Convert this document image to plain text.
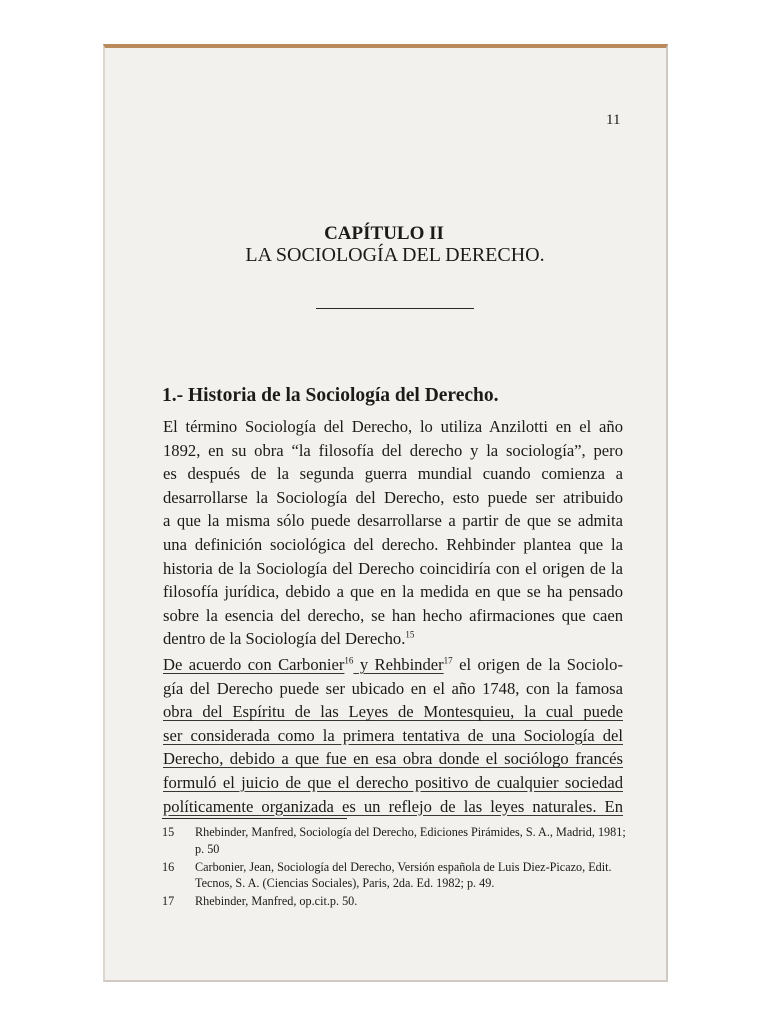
11
CAPÍTULO II
LA SOCIOLOGÍA DEL DERECHO.
1.- Historia de la Sociología del Derecho.
El término Sociología del Derecho, lo utiliza Anzilotti en el año
1892, en su obra “la filosofía del derecho y la sociología”, pero
es después de la segunda guerra mundial cuando comienza a
desarrollarse la Sociología del Derecho, esto puede ser atribuido
a que la misma sólo puede desarrollarse a partir de que se admita
una definición sociológica del derecho. Rehbinder plantea que la
historia de la Sociología del Derecho coincidiría con el origen de la
filosofía jurídica, debido a que en la medida en que se ha pensado
sobre la esencia del derecho, se han hecho afirmaciones que caen
dentro de la Sociología del Derecho.$^{15}$
De acuerdo con Carbonier$^{16}$ y Rehbinder$^{17}$ el origen de la Sociolo-
gía del Derecho puede ser ubicado en el año 1748, con la famosa
obra del Espíritu de las Leyes de Montesquieu, la cual puede
ser considerada como la primera tentativa de una Sociología del
Derecho, debido a que fue en esa obra donde el sociólogo francés
formuló el juicio de que el derecho positivo de cualquier sociedad
políticamente organizada es un reflejo de las leyes naturales. En
15	Rhebinder, Manfred, Sociología del Derecho, Ediciones Pirámides, S. A., Madrid, 1981; p. 50
16	Carbonier, Jean, Sociología del Derecho, Versión española de Luis Diez-Picazo, Edit. Tecnos, S. A. (Ciencias Sociales), Paris, 2da. Ed. 1982; p. 49.
17	Rhebinder, Manfred, op.cit.p. 50.
